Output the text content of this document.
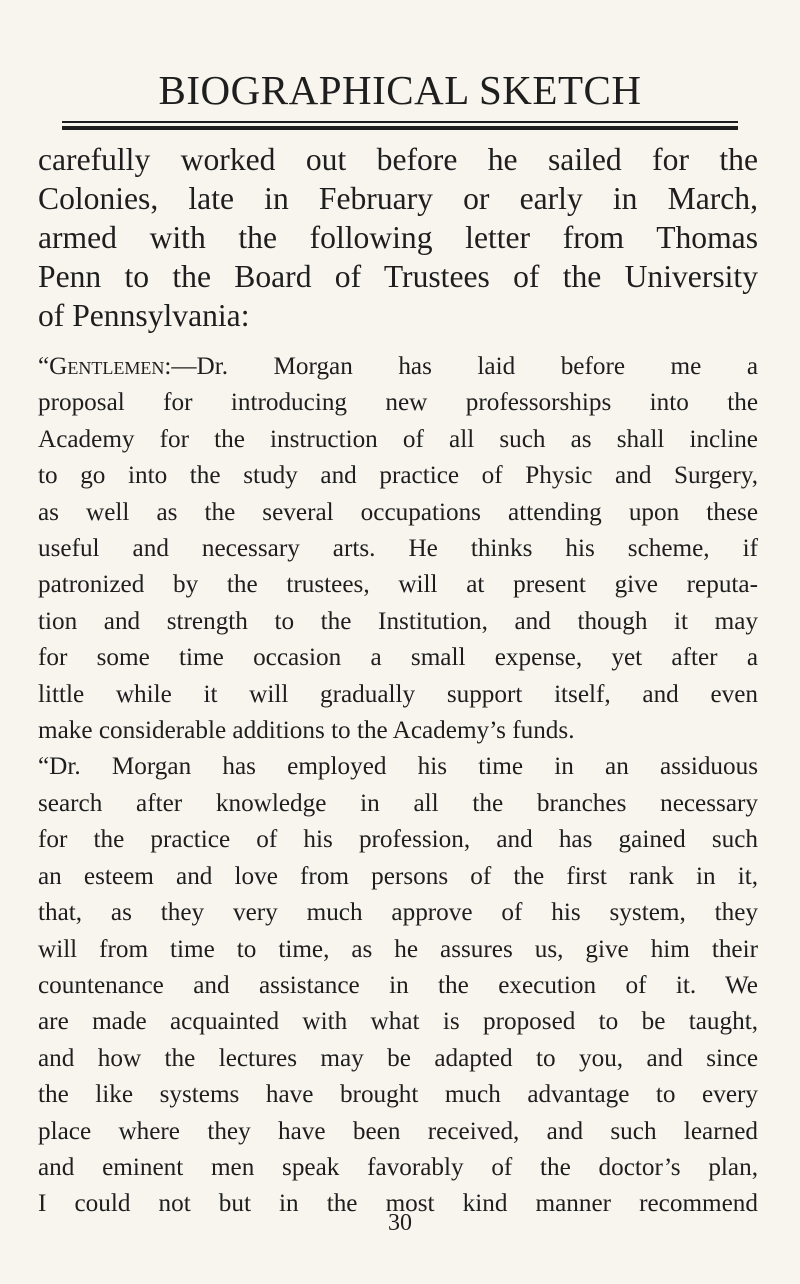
BIOGRAPHICAL SKETCH
carefully worked out before he sailed for the
Colonies, late in February or early in March,
armed with the following letter from Thomas
Penn to the Board of Trustees of the University
of Pennsylvania:
“Gentlemen:—Dr. Morgan has laid before me a
proposal for introducing new professorships into the
Academy for the instruction of all such as shall incline
to go into the study and practice of Physic and Surgery,
as well as the several occupations attending upon these
useful and necessary arts. He thinks his scheme, if
patronized by the trustees, will at present give reputa-
tion and strength to the Institution, and though it may
for some time occasion a small expense, yet after a
little while it will gradually support itself, and even
make considerable additions to the Academy’s funds.
“Dr. Morgan has employed his time in an assiduous
search after knowledge in all the branches necessary
for the practice of his profession, and has gained such
an esteem and love from persons of the first rank in it,
that, as they very much approve of his system, they
will from time to time, as he assures us, give him their
countenance and assistance in the execution of it. We
are made acquainted with what is proposed to be taught,
and how the lectures may be adapted to you, and since
the like systems have brought much advantage to every
place where they have been received, and such learned
and eminent men speak favorably of the doctor’s plan,
I could not but in the most kind manner recommend
30
